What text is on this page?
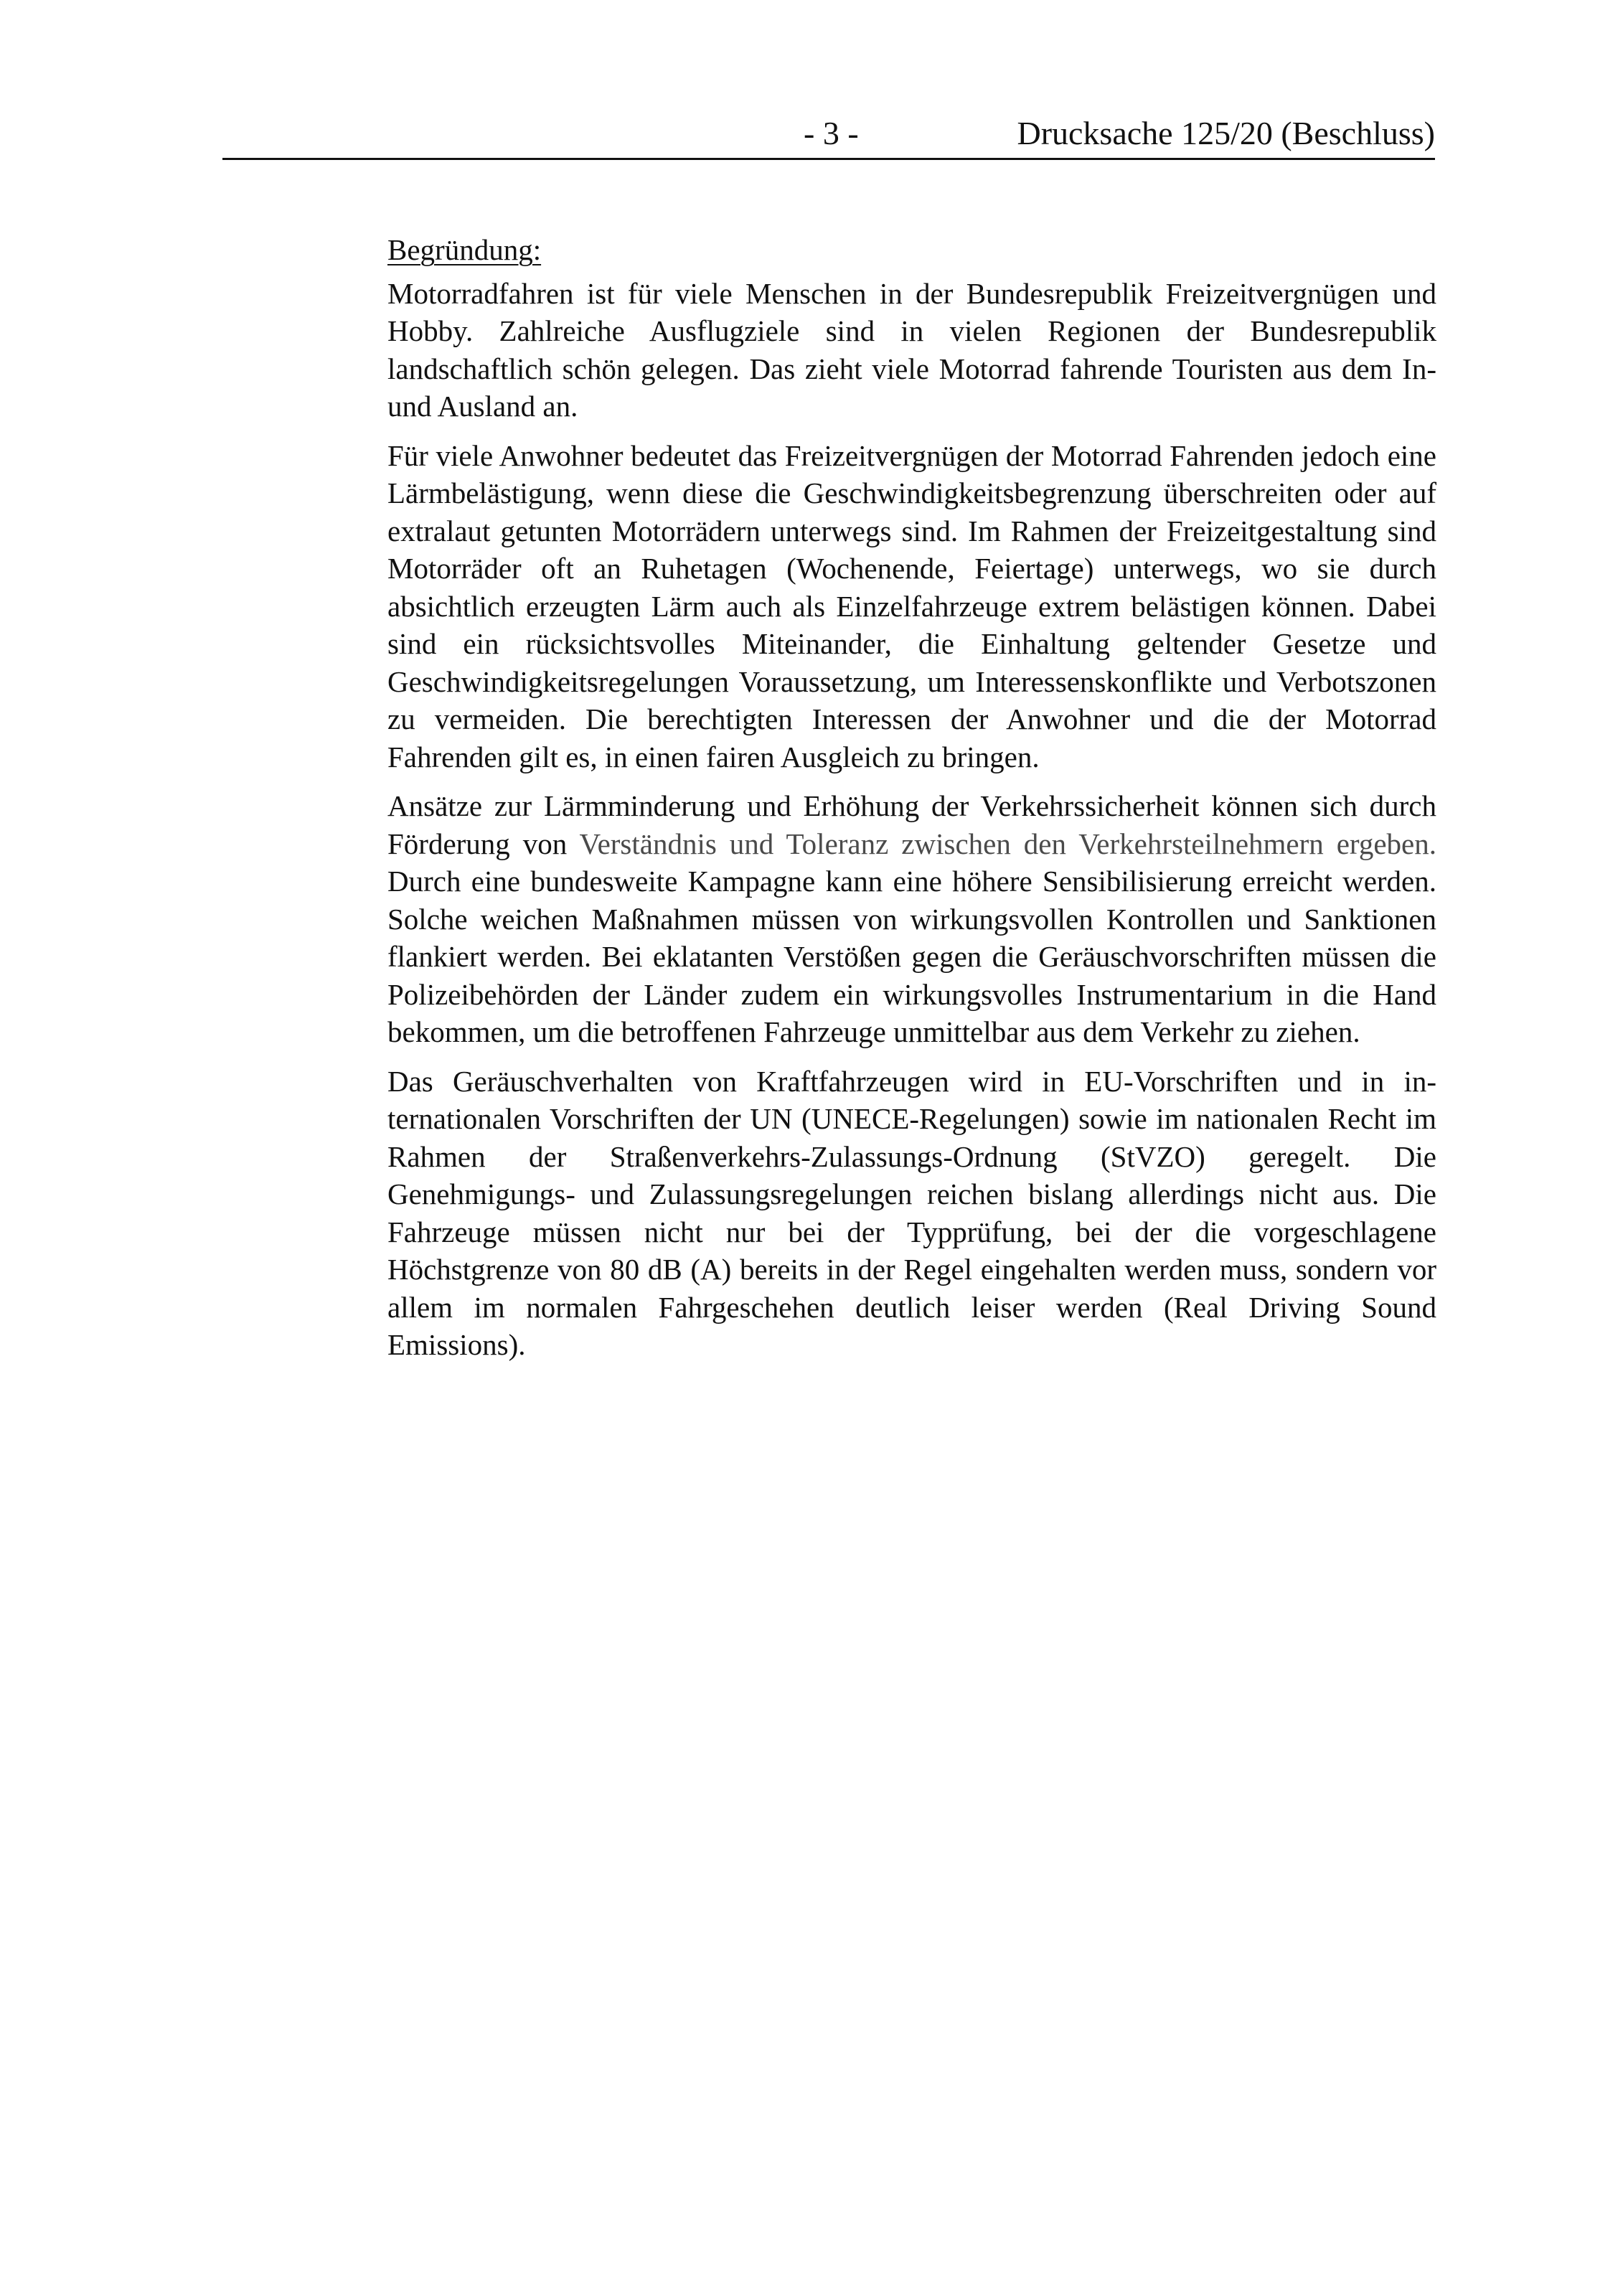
- 3 -	Drucksache 125/20 (Beschluss)

Begründung:

Motorradfahren ist für viele Menschen in der Bundesrepublik Freizeitvergnügen und Hobby. Zahlreiche Ausflugziele sind in vielen Regionen der Bundesrepublik landschaftlich schön gelegen. Das zieht viele Motorrad fahrende Touristen aus dem In- und Ausland an.

Für viele Anwohner bedeutet das Freizeitvergnügen der Motorrad Fahrenden jedoch eine Lärmbelästigung, wenn diese die Geschwindigkeitsbegrenzung überschreiten oder auf extralaut getunten Motorrädern unterwegs sind. Im Rahmen der Freizeitgestaltung sind Motorräder oft an Ruhetagen (Wochenende, Feiertage) unterwegs, wo sie durch absichtlich erzeugten Lärm auch als Einzelfahrzeuge extrem belästigen können. Dabei sind ein rücksichtsvolles Miteinander, die Einhaltung geltender Gesetze und Geschwindigkeitsregelungen Voraussetzung, um Interessenskonflikte und Verbotszonen zu vermeiden. Die berechtigten Interessen der Anwohner und die der Motorrad Fahrenden gilt es, in einen fairen Ausgleich zu bringen.

Ansätze zur Lärmminderung und Erhöhung der Verkehrssicherheit können sich durch Förderung von Verständnis und Toleranz zwischen den Verkehrsteilnehmern ergeben. Durch eine bundesweite Kampagne kann eine höhere Sensibilisierung erreicht werden. Solche weichen Maßnahmen müssen von wirkungsvollen Kontrollen und Sanktionen flankiert werden. Bei eklatanten Verstößen gegen die Geräuschvorschriften müssen die Polizeibehörden der Länder zudem ein wirkungsvolles Instrumentarium in die Hand bekommen, um die betroffenen Fahrzeuge unmittelbar aus dem Verkehr zu ziehen.

Das Geräuschverhalten von Kraftfahrzeugen wird in EU-Vorschriften und in internationalen Vorschriften der UN (UNECE-Regelungen) sowie im nationalen Recht im Rahmen der Straßenverkehrs-Zulassungs-Ordnung (StVZO) geregelt. Die Genehmigungs- und Zulassungsregelungen reichen bislang allerdings nicht aus. Die Fahrzeuge müssen nicht nur bei der Typprüfung, bei der die vorgeschlagene Höchstgrenze von 80 dB (A) bereits in der Regel eingehalten werden muss, sondern vor allem im normalen Fahrgeschehen deutlich leiser werden (Real Driving Sound Emissions).
